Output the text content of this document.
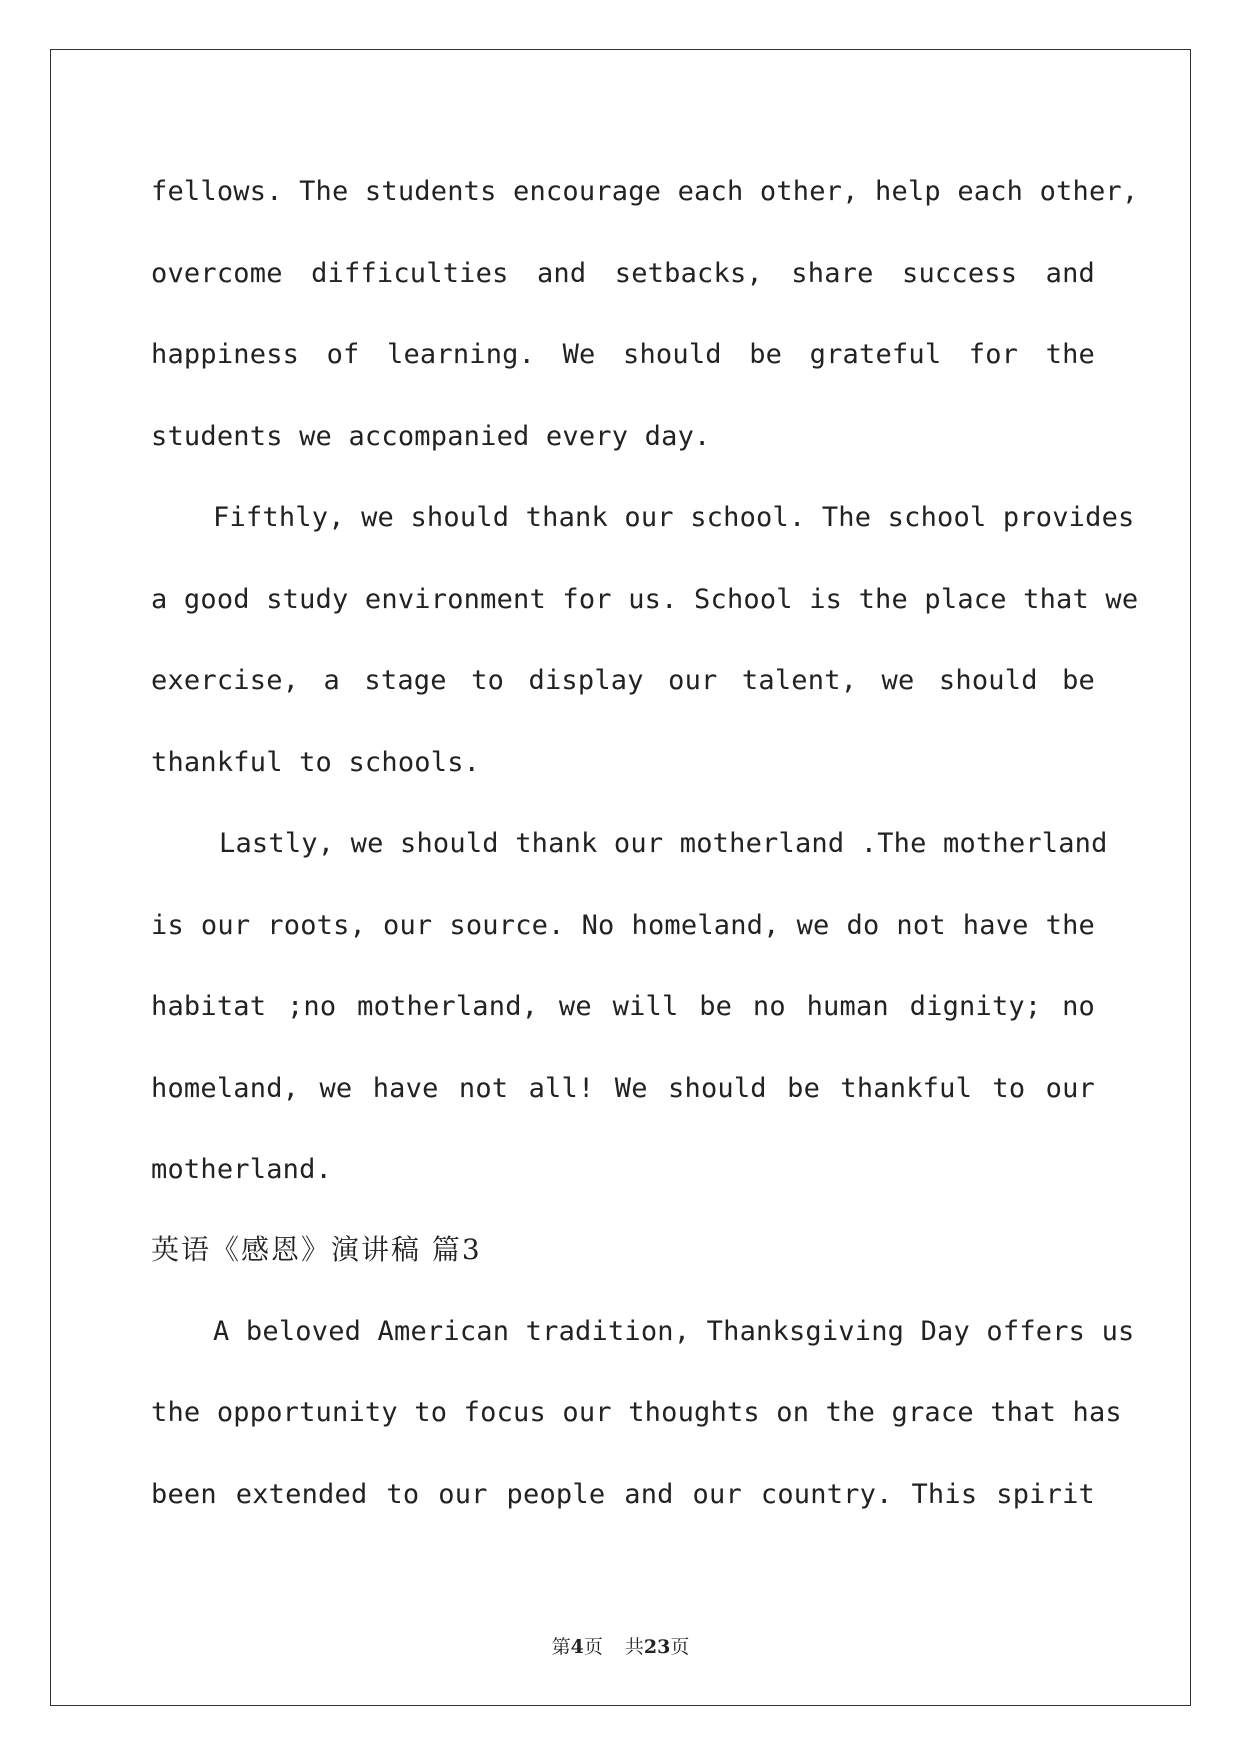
fellows. The students encourage each other, help each other,
overcome difficulties and setbacks, share success and
happiness of learning. We should be grateful for the
students we accompanied every day.
Fifthly, we should thank our school. The school provides
a good study environment for us. School is the place that we
exercise, a stage to display our talent, we should be
thankful to schools.
Lastly, we should thank our motherland .The motherland
is our roots, our source. No homeland, we do not have the
habitat ;no motherland, we will be no human dignity; no
homeland, we have not all! We should be thankful to our
motherland.
英语《感恩》演讲稿 篇3
A beloved American tradition, Thanksgiving Day offers us
the opportunity to focus our thoughts on the grace that has
been extended to our people and our country. This spirit
第4页 共23页
